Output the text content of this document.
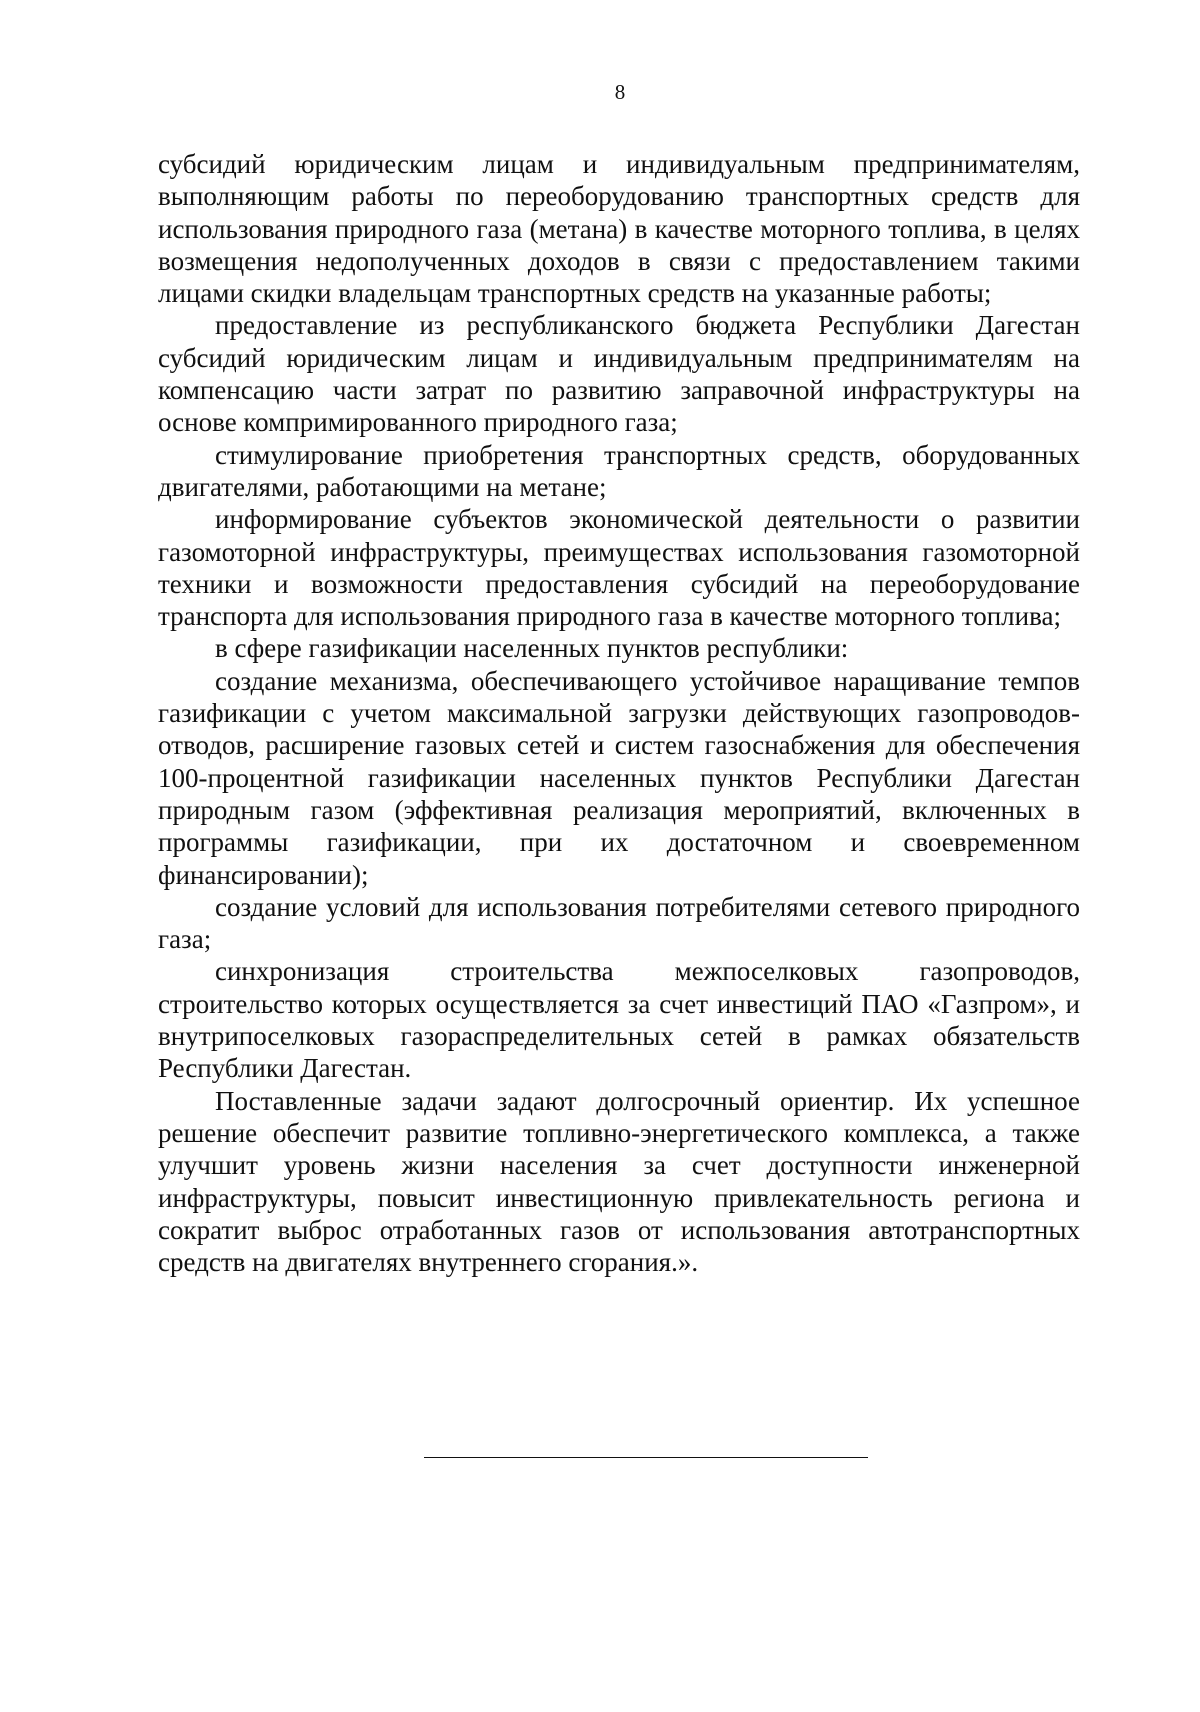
8

субсидий юридическим лицам и индивидуальным предпринимателям, выполняющим работы по переоборудованию транспортных средств для использования природного газа (метана) в качестве моторного топлива, в целях возмещения недополученных доходов в связи с предоставлением такими лицами скидки владельцам транспортных средств на указанные работы;

предоставление из республиканского бюджета Республики Дагестан субсидий юридическим лицам и индивидуальным предпринимателям на компенсацию части затрат по развитию заправочной инфраструктуры на основе компримированного природного газа;

стимулирование приобретения транспортных средств, оборудованных двигателями, работающими на метане;

информирование субъектов экономической деятельности о развитии газомоторной инфраструктуры, преимуществах использования газомоторной техники и возможности предоставления субсидий на переоборудование транспорта для использования природного газа в качестве моторного топлива;

в сфере газификации населенных пунктов республики:

создание механизма, обеспечивающего устойчивое наращивание темпов газификации с учетом максимальной загрузки действующих газопроводов-отводов, расширение газовых сетей и систем газоснабжения для обеспечения 100-процентной газификации населенных пунктов Республики Дагестан природным газом (эффективная реализация мероприятий, включенных в программы газификации, при их достаточном и своевременном финансировании);

создание условий для использования потребителями сетевого природного газа;

синхронизация строительства межпоселковых газопроводов, строительство которых осуществляется за счет инвестиций ПАО «Газпром», и внутрипоселковых газораспределительных сетей в рамках обязательств Республики Дагестан.

Поставленные задачи задают долгосрочный ориентир. Их успешное решение обеспечит развитие топливно-энергетического комплекса, а также улучшит уровень жизни населения за счет доступности инженерной инфраструктуры, повысит инвестиционную привлекательность региона и сократит выброс отработанных газов от использования автотранспортных средств на двигателях внутреннего сгорания.».
